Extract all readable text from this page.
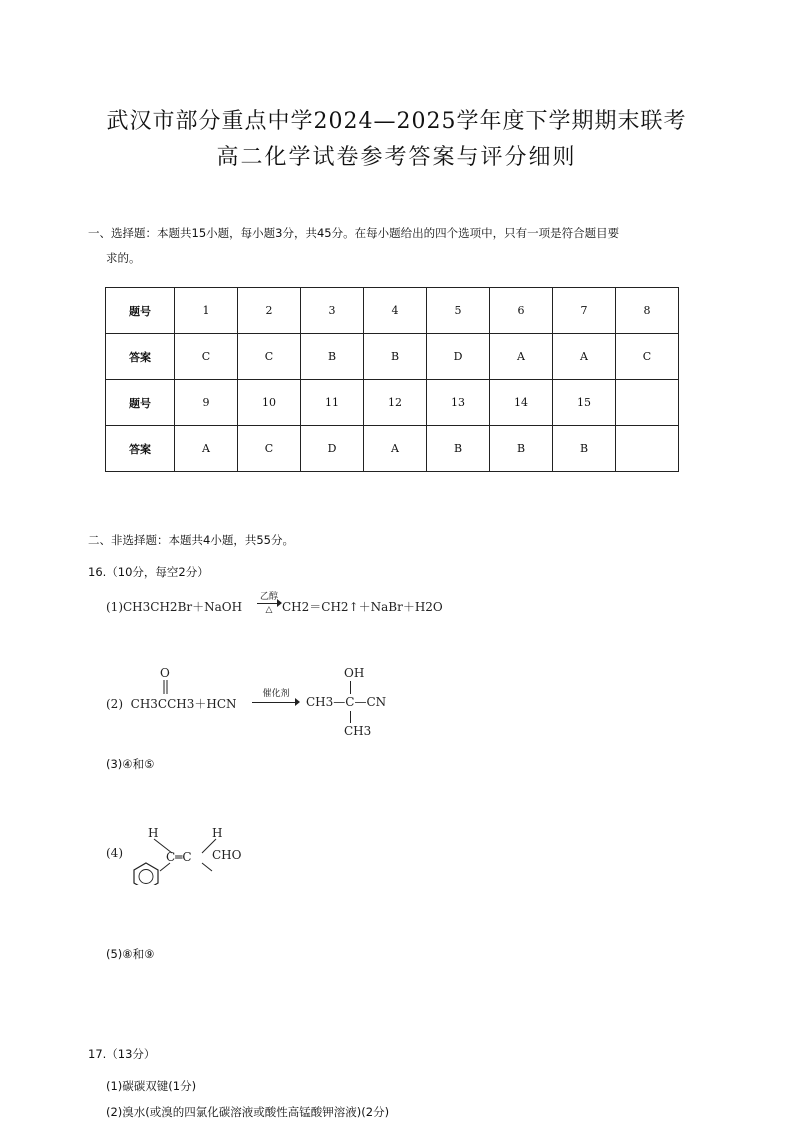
武汉市部分重点中学2024—2025学年度下学期期末联考
高二化学试卷参考答案与评分细则
一、选择题：本题共15小题，每小题3分，共45分。在每小题给出的四个选项中，只有一项是符合题目要
求的。
题号	1	2	3	4	5	6	7	8
答案	C	C	B	B	D	A	A	C
题号	9	10	11	12	13	14	15	
答案	A	C	D	A	B	B	B	
二、非选择题：本题共4小题，共55分。
16.（10分，每空2分）
(1)CH3CH2Br＋NaOH
乙醇
△ CH2＝CH2↑＋NaBr＋H2O
O
(2) CH3CCH3＋HCN
催化剂
OH
CH3—C—CN
CH3
(3)④和⑤
H	H
C═C
(4)	CHO
(5)⑧和⑨
17.（13分）
(1)碳碳双键(1分)
(2)溴水(或溴的四氯化碳溶液或酸性高锰酸钾溶液)(2分)
